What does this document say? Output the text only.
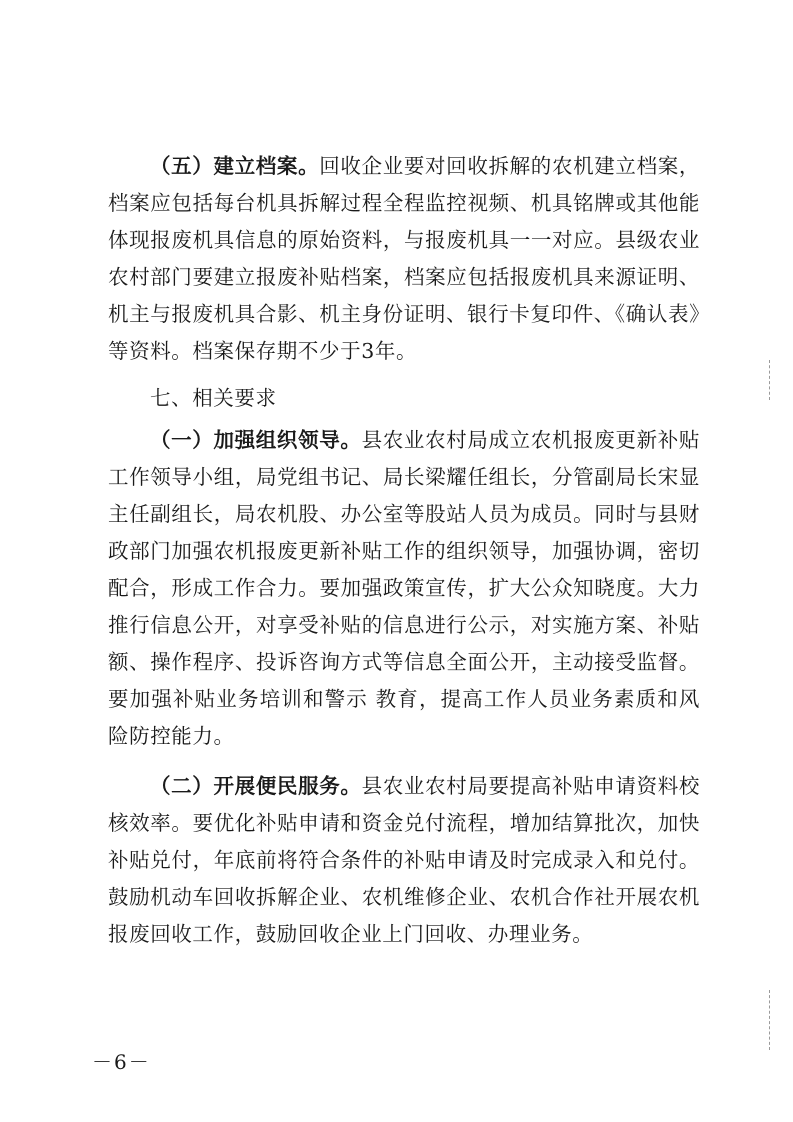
（五）建立档案。回收企业要对回收拆解的农机建立档案，档案应包括每台机具拆解过程全程监控视频、机具铭牌或其他能体现报废机具信息的原始资料，与报废机具一一对应。县级农业农村部门要建立报废补贴档案，档案应包括报废机具来源证明、机主与报废机具合影、机主身份证明、银行卡复印件、《确认表》等资料。档案保存期不少于3年。

七、相关要求

（一）加强组织领导。县农业农村局成立农机报废更新补贴工作领导小组，局党组书记、局长梁耀任组长，分管副局长宋显主任副组长，局农机股、办公室等股站人员为成员。同时与县财政部门加强农机报废更新补贴工作的组织领导，加强协调，密切配合，形成工作合力。要加强政策宣传，扩大公众知晓度。大力推行信息公开，对享受补贴的信息进行公示，对实施方案、补贴额、操作程序、投诉咨询方式等信息全面公开，主动接受监督。要加强补贴业务培训和警示 教育，提高工作人员业务素质和风险防控能力。

（二）开展便民服务。县农业农村局要提高补贴申请资料校核效率。要优化补贴申请和资金兑付流程，增加结算批次，加快补贴兑付，年底前将符合条件的补贴申请及时完成录入和兑付。鼓励机动车回收拆解企业、农机维修企业、农机合作社开展农机报废回收工作，鼓励回收企业上门回收、办理业务。

－6－
